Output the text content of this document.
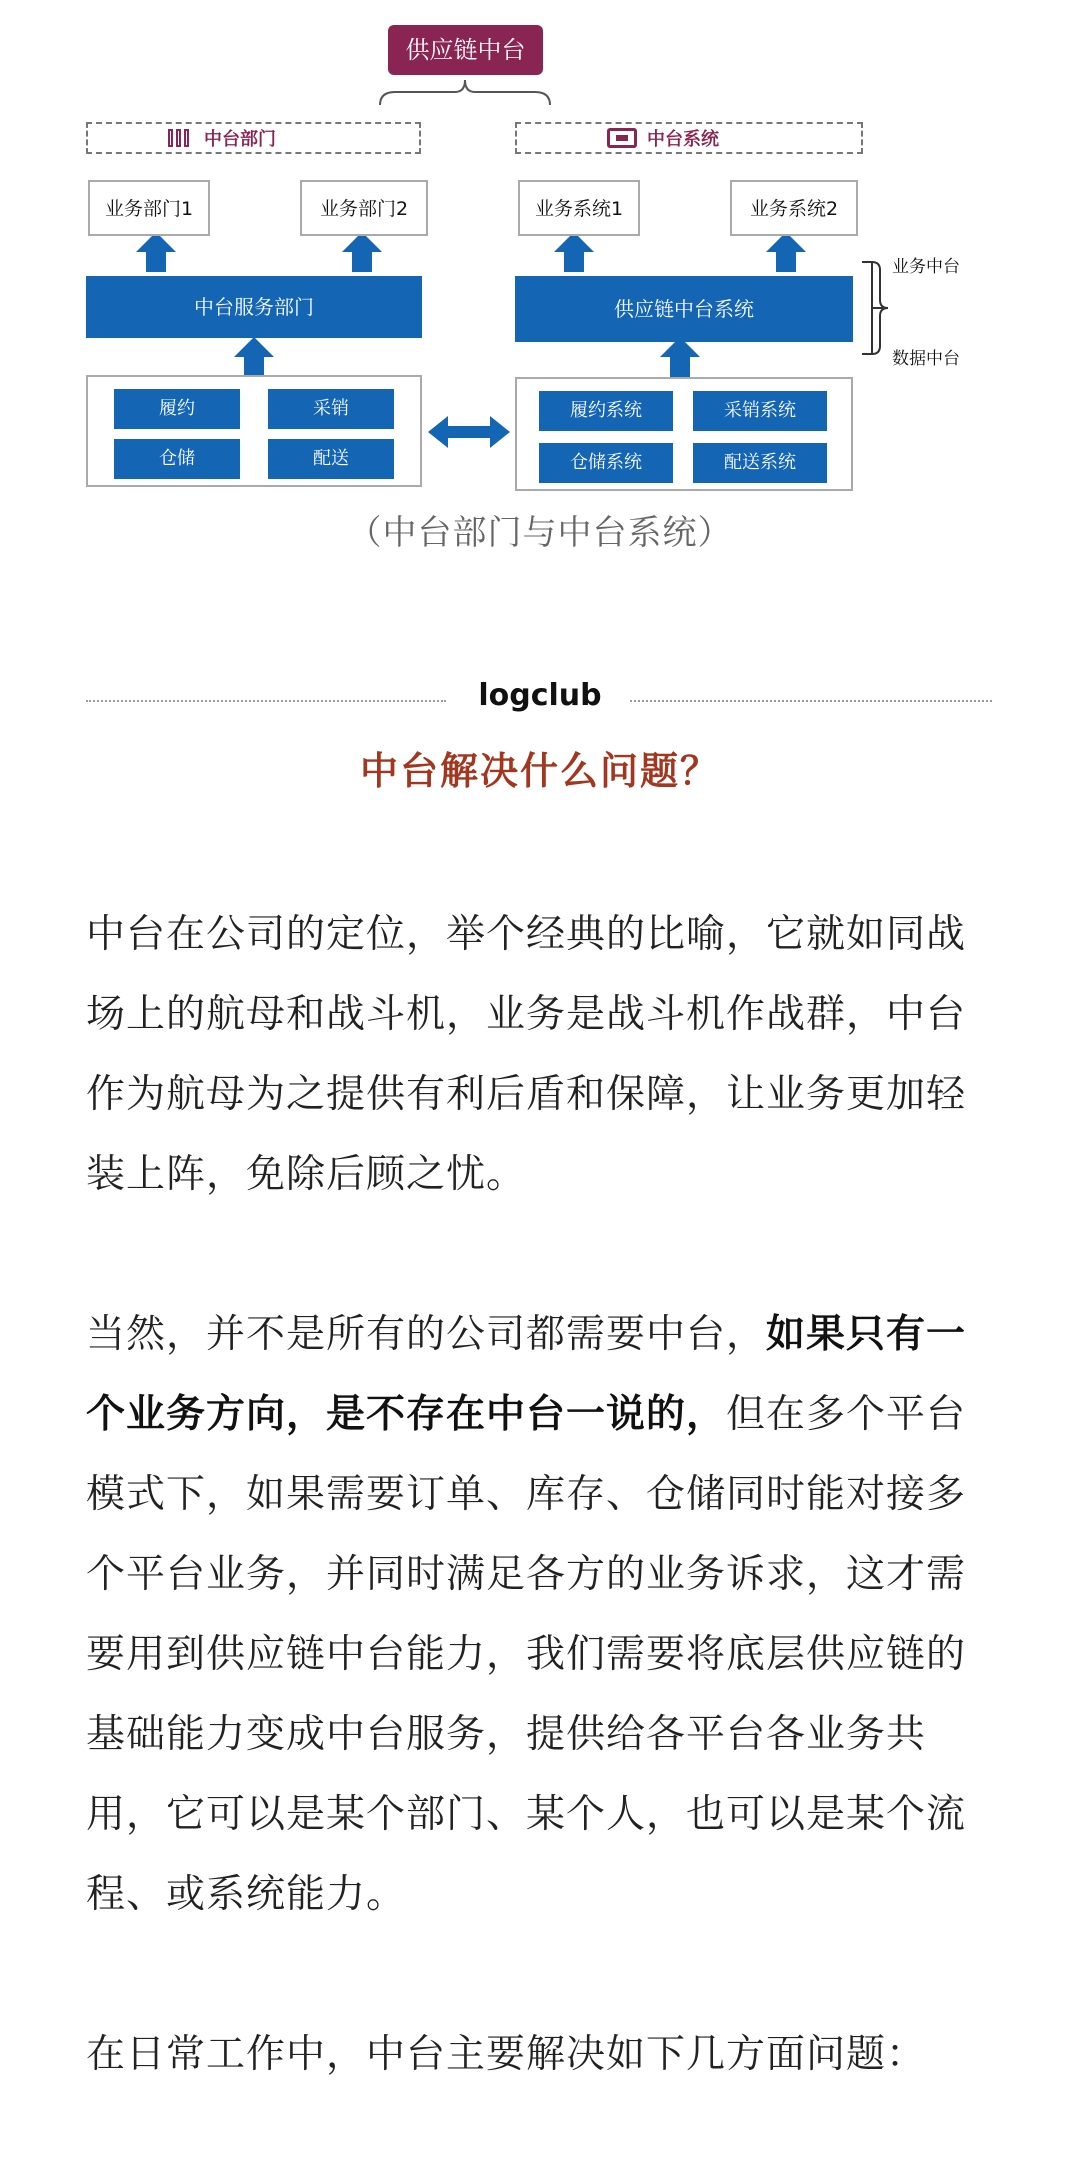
供应链中台
中台部门	中台系统
业务部门1	业务部门2	业务系统1	业务系统2
中台服务部门	供应链中台系统
业务中台
数据中台
履约	采销
仓储	配送
履约系统	采销系统
仓储系统	配送系统
（中台部门与中台系统）
logclub
中台解决什么问题？

中台在公司的定位，举个经典的比喻，它就如同战场上的航母和战斗机，业务是战斗机作战群，中台作为航母为之提供有利后盾和保障，让业务更加轻装上阵，免除后顾之忧。

当然，并不是所有的公司都需要中台，如果只有一个业务方向，是不存在中台一说的，但在多个平台模式下，如果需要订单、库存、仓储同时能对接多个平台业务，并同时满足各方的业务诉求，这才需要用到供应链中台能力，我们需要将底层供应链的基础能力变成中台服务，提供给各平台各业务共用，它可以是某个部门、某个人，也可以是某个流程、或系统能力。

在日常工作中，中台主要解决如下几方面问题：
